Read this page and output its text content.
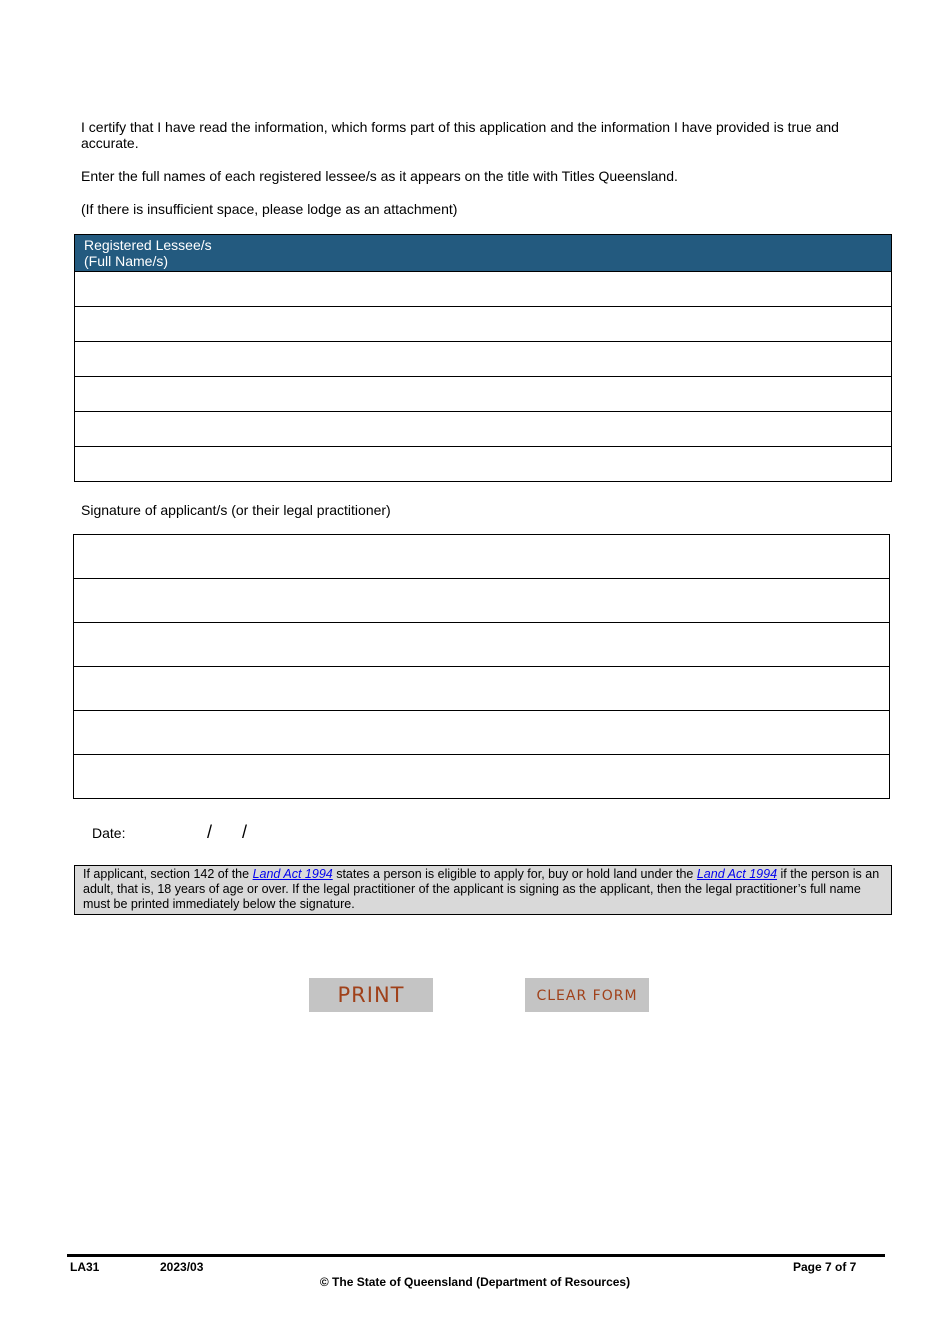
I certify that I have read the information, which forms part of this application and the information I have provided is true and accurate.
Enter the full names of each registered lessee/s as it appears on the title with Titles Queensland.
(If there is insufficient space, please lodge as an attachment)
Registered Lessee/s
(Full Name/s)

Signature of applicant/s (or their legal practitioner)

Date:	/ /
If applicant, section 142 of the Land Act 1994 states a person is eligible to apply for, buy or hold land under the Land Act 1994 if the person is an adult, that is, 18 years of age or over. If the legal practitioner of the applicant is signing as the applicant, then the legal practitioner’s full name must be printed immediately below the signature.
PRINT	CLEAR FORM
LA31	2023/03	Page 7 of 7
© The State of Queensland (Department of Resources)
